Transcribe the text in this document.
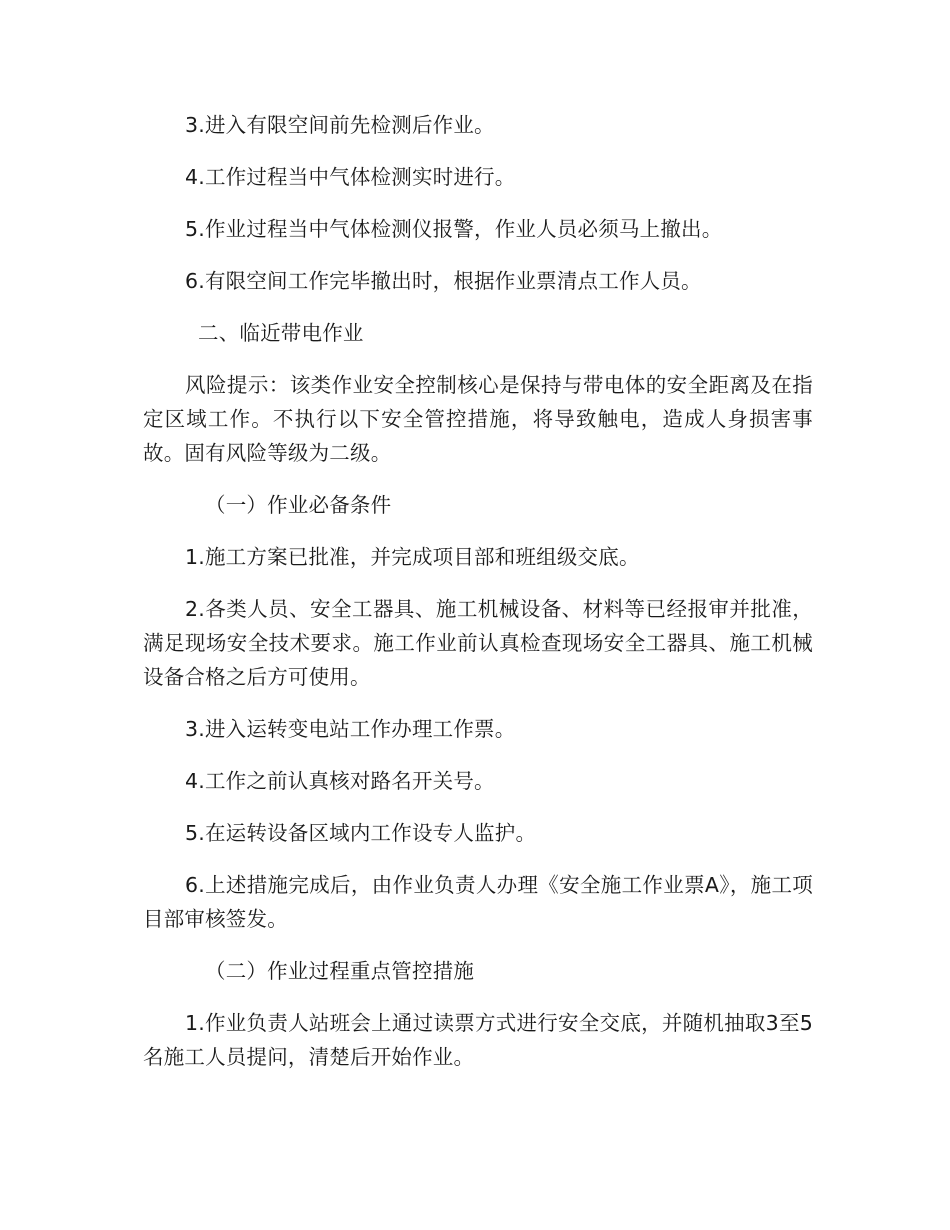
3.进入有限空间前先检测后作业。

4.工作过程当中气体检测实时进行。

5.作业过程当中气体检测仪报警，作业人员必须马上撤出。

6.有限空间工作完毕撤出时，根据作业票清点工作人员。

二、临近带电作业

风险提示：该类作业安全控制核心是保持与带电体的安全距离及在指定区域工作。不执行以下安全管控措施，将导致触电，造成人身损害事故。固有风险等级为二级。

（一）作业必备条件

1.施工方案已批准，并完成项目部和班组级交底。

2.各类人员、安全工器具、施工机械设备、材料等已经报审并批准，满足现场安全技术要求。施工作业前认真检查现场安全工器具、施工机械设备合格之后方可使用。

3.进入运转变电站工作办理工作票。

4.工作之前认真核对路名开关号。

5.在运转设备区域内工作设专人监护。

6.上述措施完成后，由作业负责人办理《安全施工作业票A》，施工项目部审核签发。

（二）作业过程重点管控措施

1.作业负责人站班会上通过读票方式进行安全交底，并随机抽取3至5名施工人员提问，清楚后开始作业。
